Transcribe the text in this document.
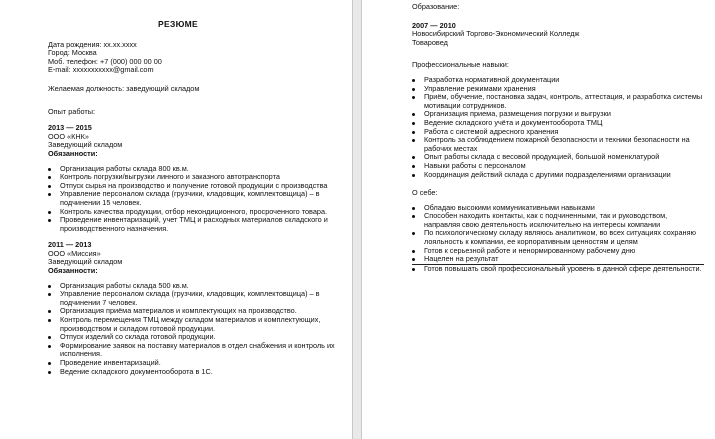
РЕЗЮМЕ
Дата рождения: xx.xx.xxxx
Город: Москва
Моб. телефон: +7 (000) 000 00 00
E-mail: xxxxxxxxxxx@gmail.com
Желаемая должность: заведующий складом
Опыт работы:
2013 — 2015
ООО «КНК»
Заведующий складом
Обязанности:
Организация работы склада 800 кв.м.
Контроль погрузки/выгрузки линного и заказного автотранспорта
Отпуск сырья на производство и получение готовой продукции с производства
Управление персоналом склада (грузчики, кладовщик, комплектовщица) – в подчинении 15 человек.
Контроль качества продукции, отбор некондиционного, просроченного товара.
Проведение инвентаризаций, учет ТМЦ и расходных материалов складского и производственного назначения.
2011 — 2013
ООО «Миссия»
Заведующий складом
Обязанности:
Организация работы склада 500 кв.м.
Управление персоналом склада (грузчики, кладовщик, комплектовщица) – в подчинении 7 человек.
Организация приёма материалов и комплектующих на производство.
Контроль перемещения ТМЦ между складом материалов и комплектующих, производством и складом готовой продукции.
Отпуск изделий со склада готовой продукции.
Формирование заявок на поставку материалов в отдел снабжения и контроль их исполнения.
Проведение инвентаризаций.
Ведение складского документооборота в 1С.
Образование:
2007 — 2010
Новосибирский Торгово-Экономический Колледж
Товаровед
Профессиональные навыки:
Разработка нормативной документации
Управление режимами хранения
Приём, обучение, постановка задач, контроль, аттестация, и разработка системы мотивации сотрудников.
Организация приема, размещения погрузки и выгрузки
Ведение складского учёта и документооборота ТМЦ
Работа с системой адресного хранения
Контроль за соблюдением пожарной безопасности и техники безопасности на рабочих местах
Опыт работы склада с весовой продукцией, большой номенклатурой
Навыки работы с персоналом
Координация действий склада с другими подразделениями организации
О себе:
Обладаю высокими коммуникативными навыками
Способен находить контакты, как с подчиненными, так и руководством, направляя свою деятельность исключительно на интересы компании
По психологическому складу являюсь аналитиком, во всех ситуациях сохраняю лояльность к компании, ее корпоративным ценностям и целям
Готов к серьезной работе и ненормированному рабочему дню
Нацелен на результат
Готов повышать свой профессиональный уровень в данной сфере деятельности.
